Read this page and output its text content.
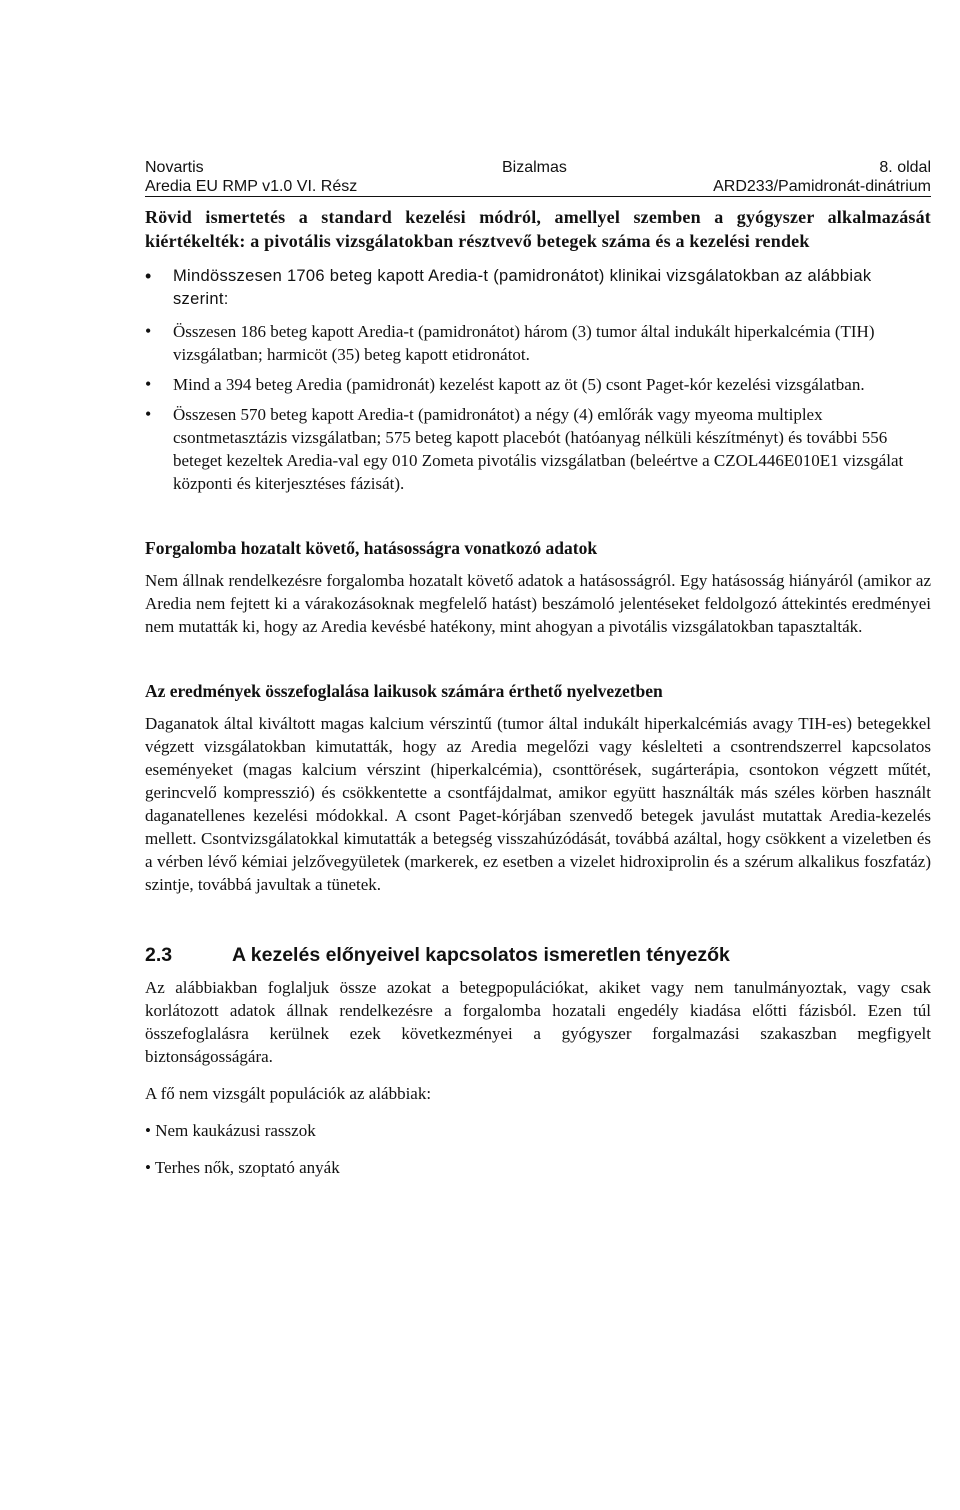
Novartis	Bizalmas	8. oldal
Aredia EU RMP v1.0 VI. Rész	ARD233/Pamidronát-dinátrium

Rövid ismertetés a standard kezelési módról, amellyel szemben a gyógyszer alkalmazását kiértékelték: a pivotális vizsgálatokban résztvevő betegek száma és a kezelési rendek

• Mindösszesen 1706 beteg kapott Aredia-t (pamidronátot) klinikai vizsgálatokban az alábbiak szerint:
• Összesen 186 beteg kapott Aredia-t (pamidronátot) három (3) tumor által indukált hiperkalcémia (TIH) vizsgálatban; harmicöt (35) beteg kapott etidronátot.
• Mind a 394 beteg Aredia (pamidronát) kezelést kapott az öt (5) csont Paget-kór kezelési vizsgálatban.
• Összesen 570 beteg kapott Aredia-t (pamidronátot) a négy (4) emlőrák vagy myeoma multiplex csontmetasztázis vizsgálatban; 575 beteg kapott placebót (hatóanyag nélküli készítményt) és további 556 beteget kezeltek Aredia-val egy 010 Zometa pivotális vizsgálatban (beleértve a CZOL446E010E1 vizsgálat központi és kiterjesztéses fázisát).
Forgalomba hozatalt követő, hatásosságra vonatkozó adatok

Nem állnak rendelkezésre forgalomba hozatalt követő adatok a hatásosságról. Egy hatásosság hiányáról (amikor az Aredia nem fejtett ki a várakozásoknak megfelelő hatást) beszámoló jelentéseket feldolgozó áttekintés eredményei nem mutatták ki, hogy az Aredia kevésbé hatékony, mint ahogyan a pivotális vizsgálatokban tapasztalták.

Az eredmények összefoglalása laikusok számára érthető nyelvezetben

Daganatok által kiváltott magas kalcium vérszintű (tumor által indukált hiperkalcémiás avagy TIH-es) betegekkel végzett vizsgálatokban kimutatták, hogy az Aredia megelőzi vagy késlelteti a csontrendszerrel kapcsolatos eseményeket (magas kalcium vérszint (hiperkalcémia), csonttörések, sugárterápia, csontokon végzett műtét, gerincvelő kompresszió) és csökkentette a csontfájdalmat, amikor együtt használták más széles körben használt daganatellenes kezelési módokkal. A csont Paget-kórjában szenvedő betegek javulást mutattak Aredia-kezelés mellett. Csontvizsgálatokkal kimutatták a betegség visszahúzódását, továbbá azáltal, hogy csökkent a vizeletben és a vérben lévő kémiai jelzővegyületek (markerek, ez esetben a vizelet hidroxiprolin és a szérum alkalikus foszfatáz) szintje, továbbá javultak a tünetek.

2.3	A kezelés előnyeivel kapcsolatos ismeretlen tényezők

Az alábbiakban foglaljuk össze azokat a betegpopulációkat, akiket vagy nem tanulmányoztak, vagy csak korlátozott adatok állnak rendelkezésre a forgalomba hozatali engedély kiadása előtti fázisból. Ezen túl összefoglalásra kerülnek ezek következményei a gyógyszer forgalmazási szakaszban megfigyelt biztonságosságára.

A fő nem vizsgált populációk az alábbiak:

• Nem kaukázusi rasszok

• Terhes nők, szoptató anyák
